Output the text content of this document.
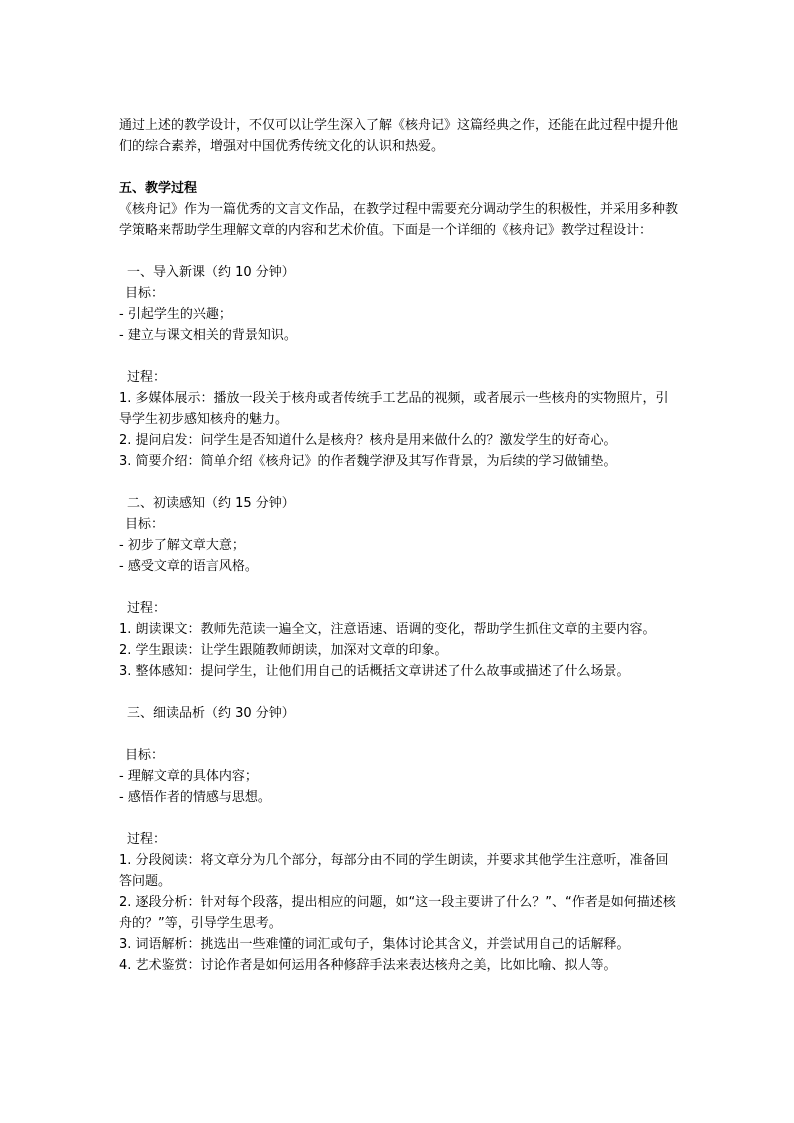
通过上述的教学设计，不仅可以让学生深入了解《核舟记》这篇经典之作，还能在此过程中提升他们的综合素养，增强对中国优秀传统文化的认识和热爱。

五、教学过程

《核舟记》作为一篇优秀的文言文作品，在教学过程中需要充分调动学生的积极性，并采用多种教学策略来帮助学生理解文章的内容和艺术价值。下面是一个详细的《核舟记》教学过程设计：

一、导入新课（约 10 分钟）

目标：

- 引起学生的兴趣；

- 建立与课文相关的背景知识。

过程：

1. 多媒体展示：播放一段关于核舟或者传统手工艺品的视频，或者展示一些核舟的实物照片，引导学生初步感知核舟的魅力。

2. 提问启发：问学生是否知道什么是核舟？核舟是用来做什么的？激发学生的好奇心。

3. 简要介绍：简单介绍《核舟记》的作者魏学洢及其写作背景，为后续的学习做铺垫。

二、初读感知（约 15 分钟）

目标：

- 初步了解文章大意；

- 感受文章的语言风格。

过程：

1. 朗读课文：教师先范读一遍全文，注意语速、语调的变化，帮助学生抓住文章的主要内容。

2. 学生跟读：让学生跟随教师朗读，加深对文章的印象。

3. 整体感知：提问学生，让他们用自己的话概括文章讲述了什么故事或描述了什么场景。

三、细读品析（约 30 分钟）

目标：

- 理解文章的具体内容；

- 感悟作者的情感与思想。

过程：

1. 分段阅读：将文章分为几个部分，每部分由不同的学生朗读，并要求其他学生注意听，准备回答问题。

2. 逐段分析：针对每个段落，提出相应的问题，如“这一段主要讲了什么？”、“作者是如何描述核舟的？”等，引导学生思考。

3. 词语解析：挑选出一些难懂的词汇或句子，集体讨论其含义，并尝试用自己的话解释。

4. 艺术鉴赏：讨论作者是如何运用各种修辞手法来表达核舟之美，比如比喻、拟人等。
